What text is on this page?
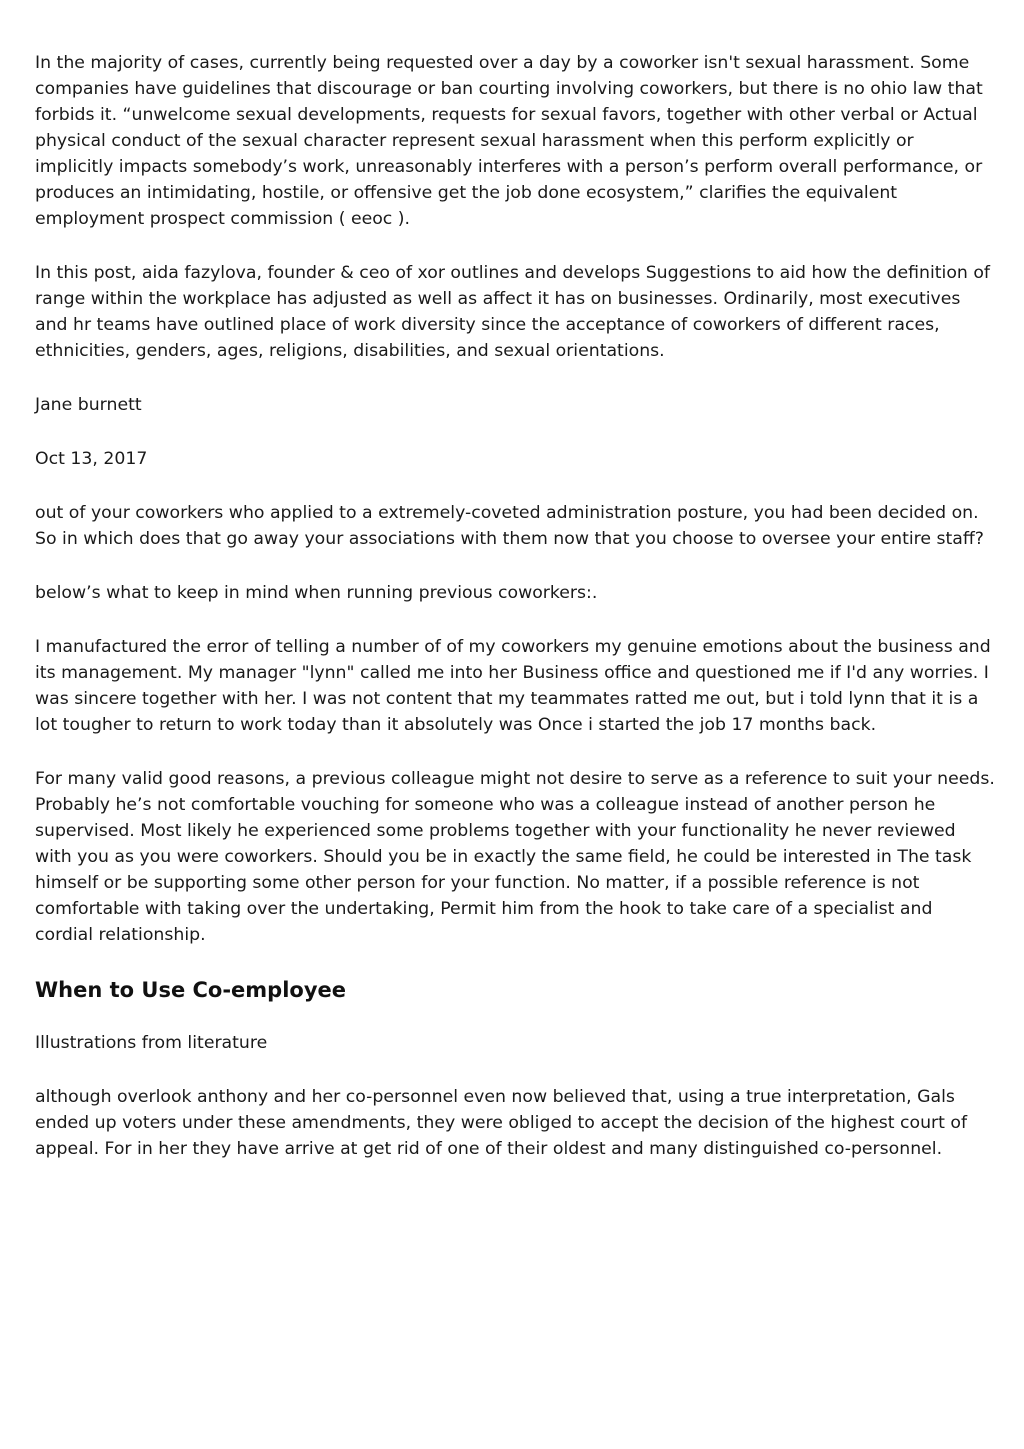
In the majority of cases, currently being requested over a day by a coworker isn't sexual harassment. Some companies have guidelines that discourage or ban courting involving coworkers, but there is no ohio law that forbids it. “unwelcome sexual developments, requests for sexual favors, together with other verbal or Actual physical conduct of the sexual character represent sexual harassment when this perform explicitly or implicitly impacts somebody’s work, unreasonably interferes with a person’s perform overall performance, or produces an intimidating, hostile, or offensive get the job done ecosystem,” clarifies the equivalent employment prospect commission ( eeoc ).

In this post, aida fazylova, founder & ceo of xor outlines and develops Suggestions to aid how the definition of range within the workplace has adjusted as well as affect it has on businesses. Ordinarily, most executives and hr teams have outlined place of work diversity since the acceptance of coworkers of different races, ethnicities, genders, ages, religions, disabilities, and sexual orientations.

Jane burnett

Oct 13, 2017

out of your coworkers who applied to a extremely-coveted administration posture, you had been decided on. So in which does that go away your associations with them now that you choose to oversee your entire staff?

below’s what to keep in mind when running previous coworkers:.

I manufactured the error of telling a number of of my coworkers my genuine emotions about the business and its management. My manager "lynn" called me into her Business office and questioned me if I'd any worries. I was sincere together with her. I was not content that my teammates ratted me out, but i told lynn that it is a lot tougher to return to work today than it absolutely was Once i started the job 17 months back.

For many valid good reasons, a previous colleague might not desire to serve as a reference to suit your needs. Probably he’s not comfortable vouching for someone who was a colleague instead of another person he supervised. Most likely he experienced some problems together with your functionality he never reviewed with you as you were coworkers. Should you be in exactly the same field, he could be interested in The task himself or be supporting some other person for your function. No matter, if a possible reference is not comfortable with taking over the undertaking, Permit him from the hook to take care of a specialist and cordial relationship.

When to Use Co-employee

Illustrations from literature

although overlook anthony and her co-personnel even now believed that, using a true interpretation, Gals ended up voters under these amendments, they were obliged to accept the decision of the highest court of appeal. For in her they have arrive at get rid of one of their oldest and many distinguished co-personnel.
